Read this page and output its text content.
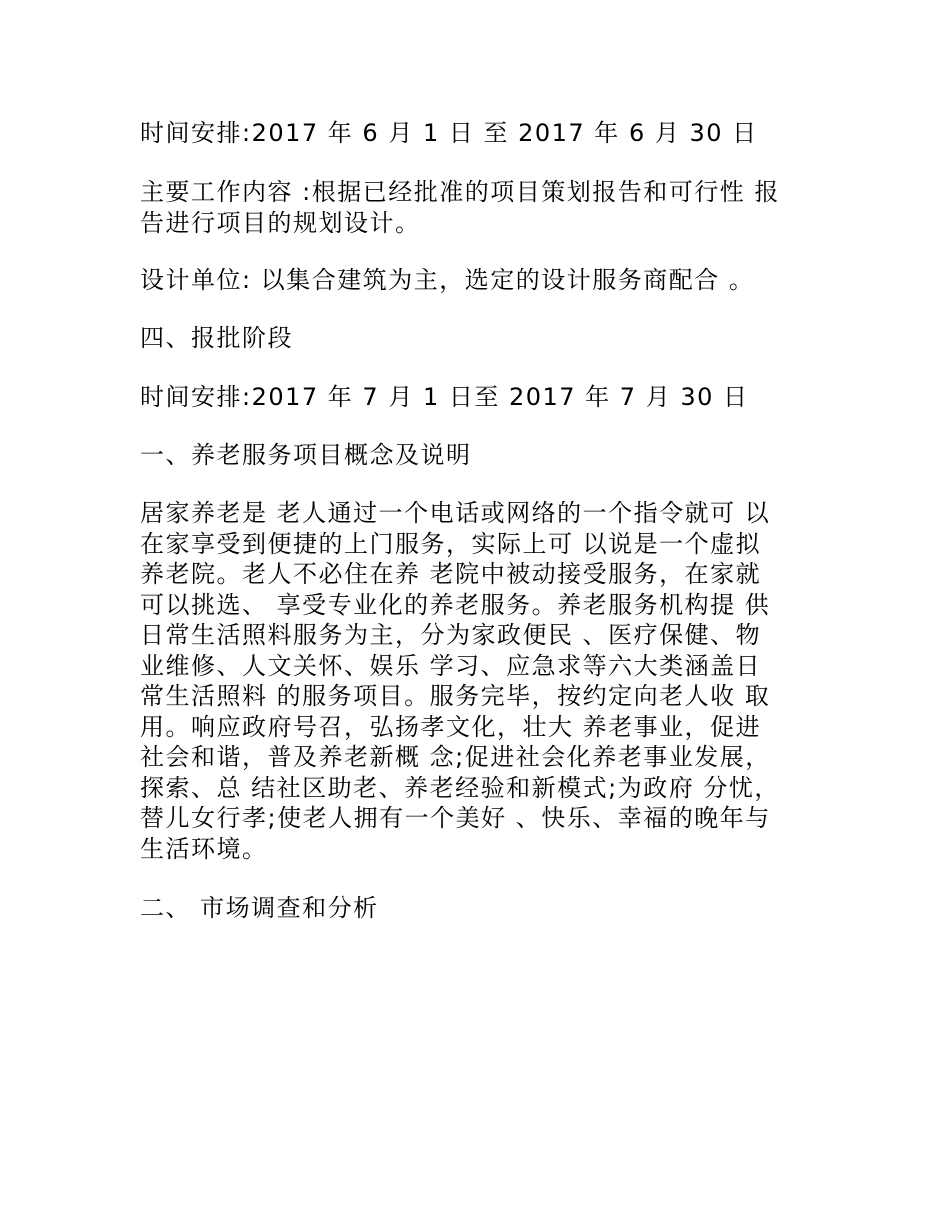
时间安排:2017 年 6 月 1 日 至 2017 年 6 月 30 日

主要工作内容 :根据已经批准的项目策划报告和可行性 报
告进行项目的规划设计。

设计单位: 以集合建筑为主，选定的设计服务商配合 。

四、报批阶段

时间安排:2017 年 7 月 1 日至 2017 年 7 月 30 日

一、养老服务项目概念及说明

居家养老是 老人通过一个电话或网络的一个指令就可 以
在家享受到便捷的上门服务，实际上可 以说是一个虚拟
养老院。老人不必住在养 老院中被动接受服务，在家就
可以挑选、 享受专业化的养老服务。养老服务机构提 供
日常生活照料服务为主，分为家政便民 、医疗保健、物
业维修、人文关怀、娱乐 学习、应急求等六大类涵盖日
常生活照料 的服务项目。服务完毕，按约定向老人收 取
用。响应政府号召，弘扬孝文化，壮大 养老事业，促进
社会和谐，普及养老新概 念;促进社会化养老事业发展，
探索、总 结社区助老、养老经验和新模式;为政府 分忧，
替儿女行孝;使老人拥有一个美好 、快乐、幸福的晚年与
生活环境。

二、 市场调查和分析
